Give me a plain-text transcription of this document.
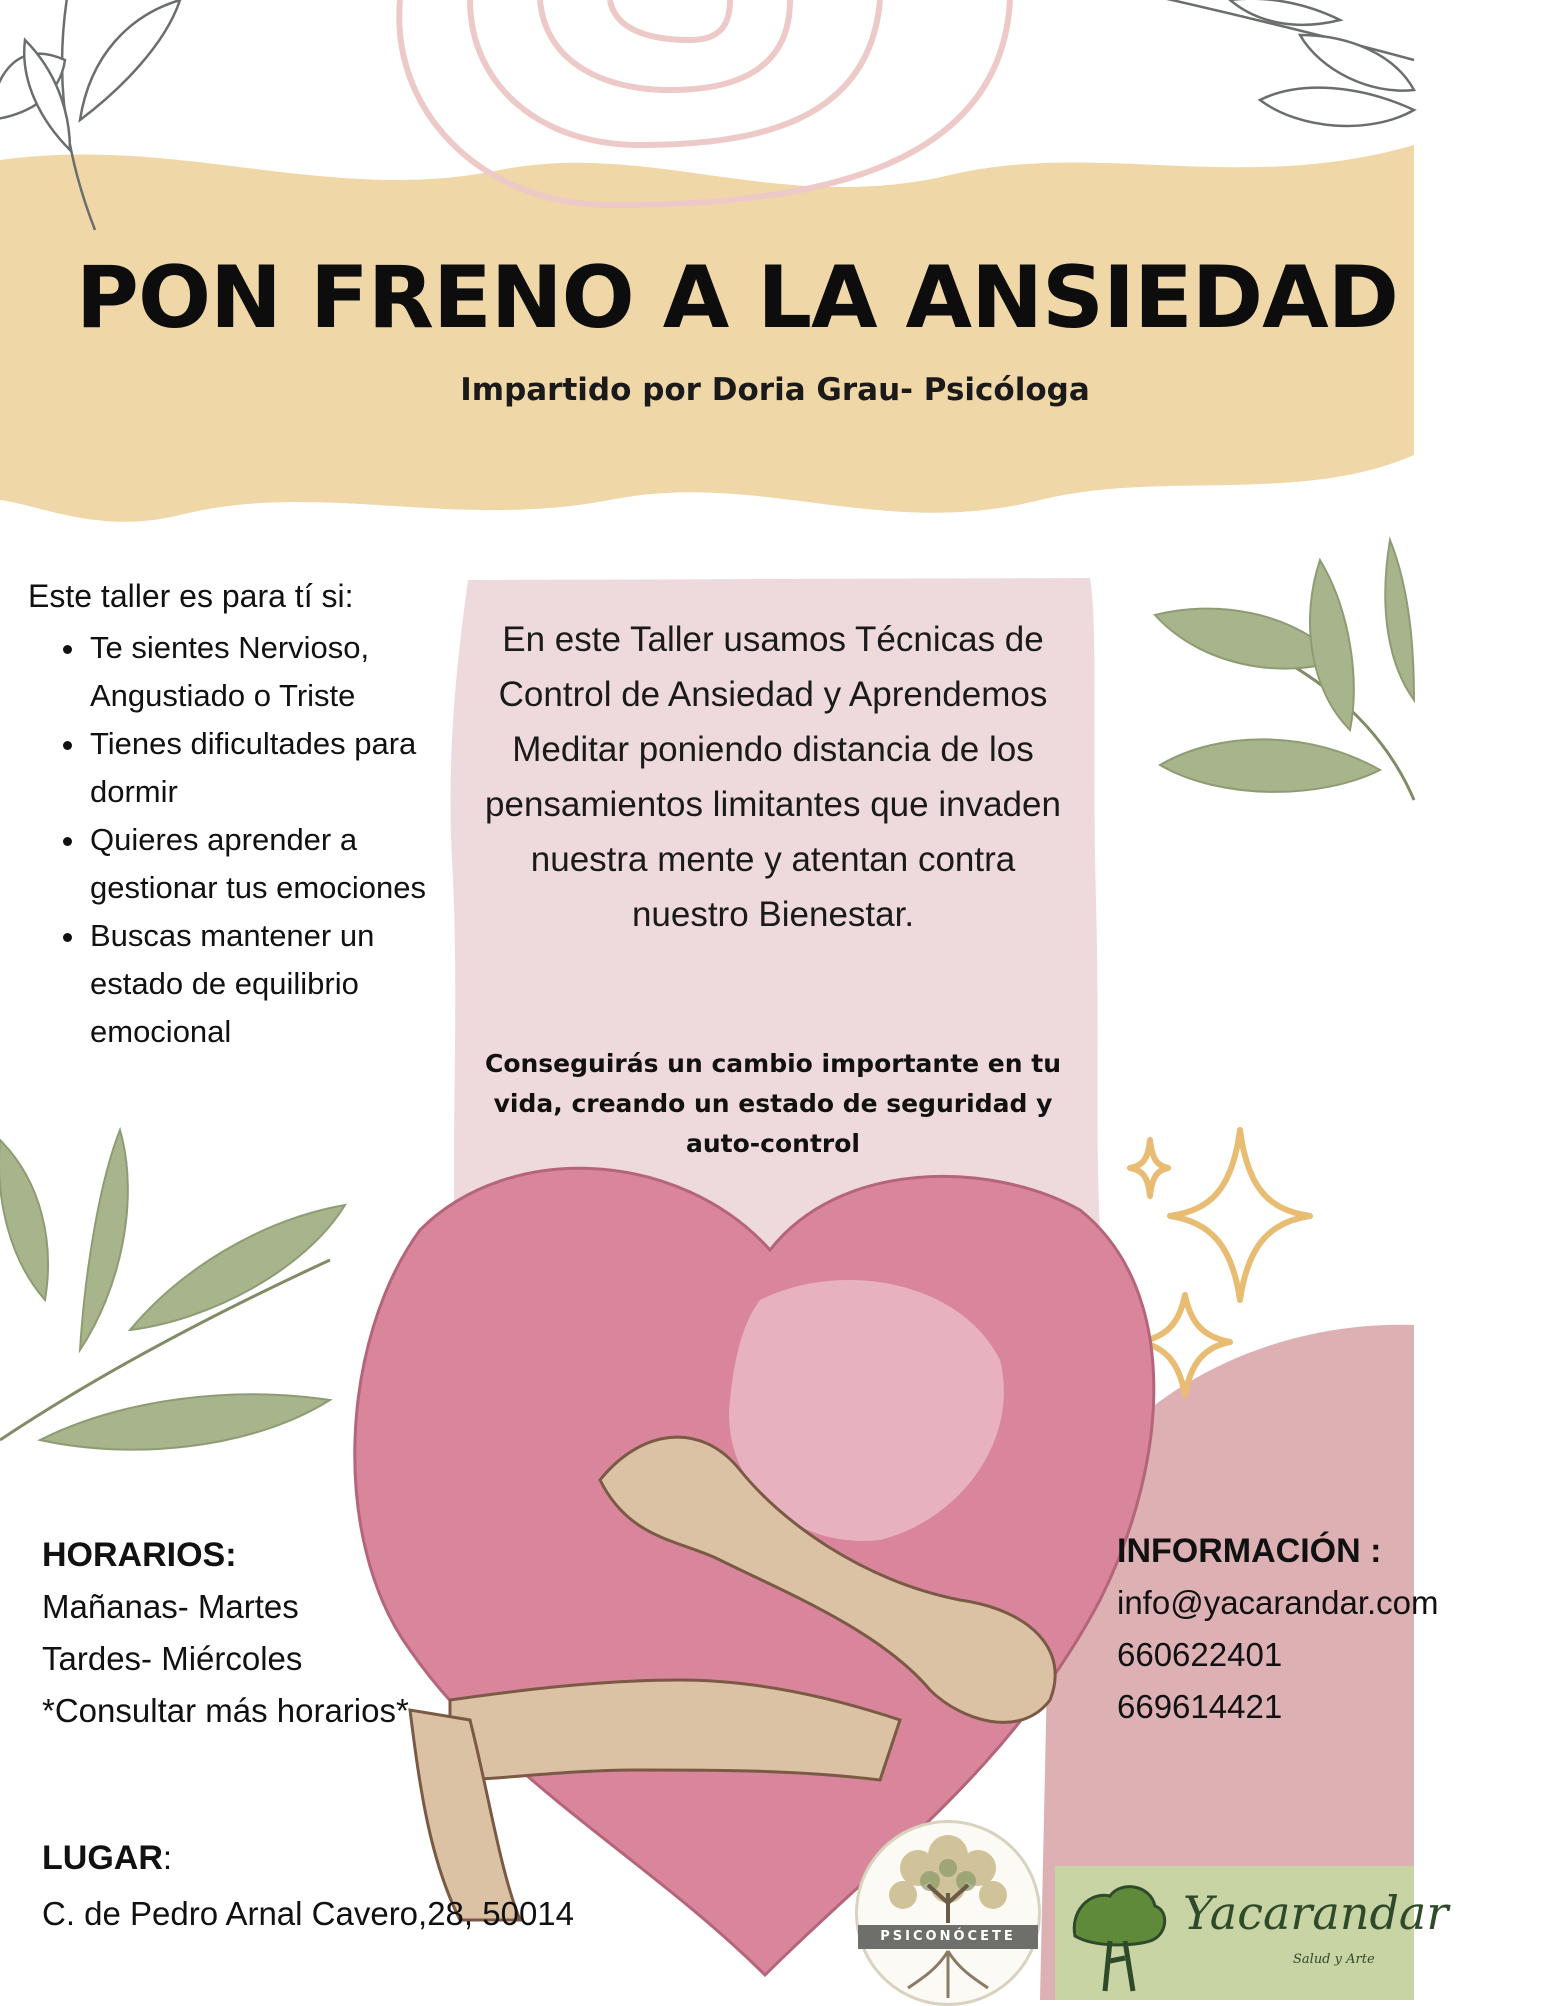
PON FRENO A LA ANSIEDAD
Impartido por Doria Grau- Psicóloga
Este taller es para tí si:
• Te sientes Nervioso, Angustiado o Triste
• Tienes dificultades para dormir
• Quieres aprender a gestionar tus emociones
• Buscas mantener un estado de equilibrio emocional
En este Taller usamos Técnicas de Control de Ansiedad y Aprendemos Meditar poniendo distancia de los pensamientos limitantes que invaden nuestra mente y atentan contra nuestro Bienestar.
Conseguirás un cambio importante en tu vida, creando un estado de seguridad y auto-control
HORARIOS:
Mañanas- Martes
Tardes- Miércoles
*Consultar más horarios*
LUGAR:
C. de Pedro Arnal Cavero,28, 50014
INFORMACIÓN :
info@yacarandar.com
660622401
669614421
PSICONÓCETE	Yacarandar
Salud y Arte
